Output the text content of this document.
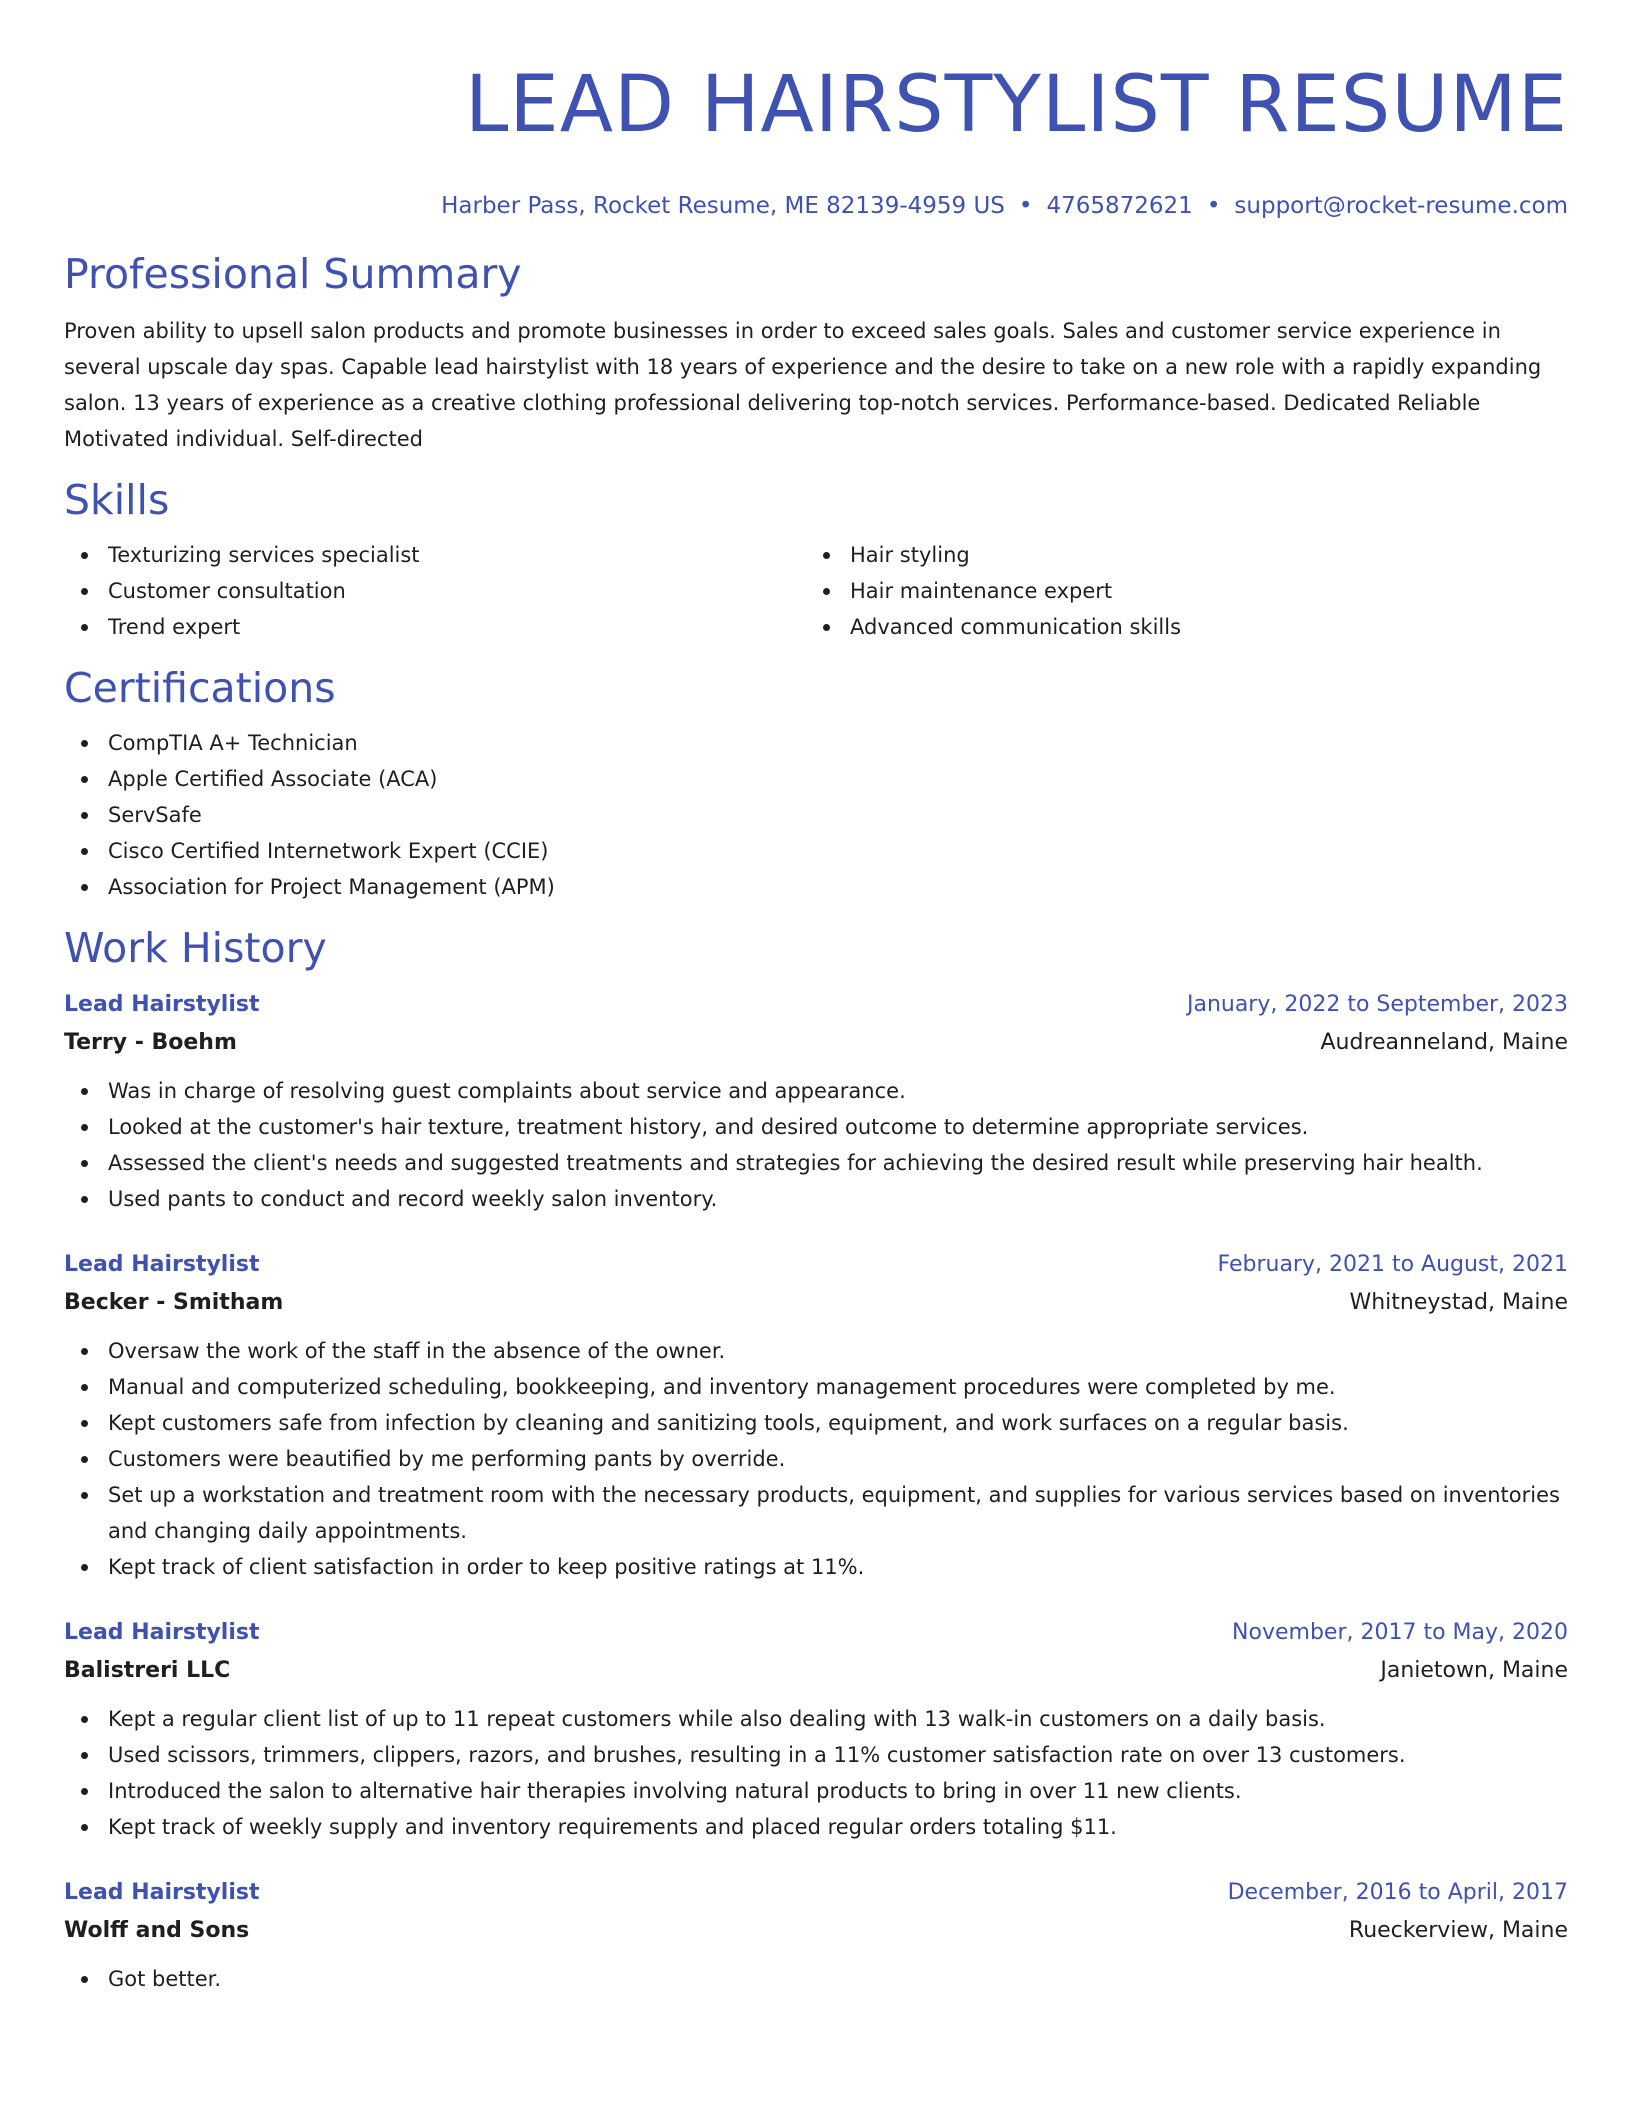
LEAD HAIRSTYLIST RESUME
Harber Pass, Rocket Resume, ME 82139-4959 US • 4765872621 • support@rocket-resume.com
Professional Summary

Proven ability to upsell salon products and promote businesses in order to exceed sales goals. Sales and customer service experience in several upscale day spas. Capable lead hairstylist with 18 years of experience and the desire to take on a new role with a rapidly expanding salon. 13 years of experience as a creative clothing professional delivering top-notch services. Performance-based. Dedicated Reliable Motivated individual. Self-directed

Skills
Texturizing services specialist
Customer consultation
Trend expert
Hair styling
Hair maintenance expert
Advanced communication skills
Certifications
CompTIA A+ Technician
Apple Certified Associate (ACA)
ServSafe
Cisco Certified Internetwork Expert (CCIE)
Association for Project Management (APM)
Work History
Lead Hairstylist	January, 2022 to September, 2023
Terry - Boehm	Audreanneland, Maine
Was in charge of resolving guest complaints about service and appearance.
Looked at the customer's hair texture, treatment history, and desired outcome to determine appropriate services.
Assessed the client's needs and suggested treatments and strategies for achieving the desired result while preserving hair health.
Used pants to conduct and record weekly salon inventory.
Lead Hairstylist	February, 2021 to August, 2021
Becker - Smitham	Whitneystad, Maine
Oversaw the work of the staff in the absence of the owner.
Manual and computerized scheduling, bookkeeping, and inventory management procedures were completed by me.
Kept customers safe from infection by cleaning and sanitizing tools, equipment, and work surfaces on a regular basis.
Customers were beautified by me performing pants by override.
Set up a workstation and treatment room with the necessary products, equipment, and supplies for various services based on inventories and changing daily appointments.
Kept track of client satisfaction in order to keep positive ratings at 11%.
Lead Hairstylist	November, 2017 to May, 2020
Balistreri LLC	Janietown, Maine
Kept a regular client list of up to 11 repeat customers while also dealing with 13 walk-in customers on a daily basis.
Used scissors, trimmers, clippers, razors, and brushes, resulting in a 11% customer satisfaction rate on over 13 customers.
Introduced the salon to alternative hair therapies involving natural products to bring in over 11 new clients.
Kept track of weekly supply and inventory requirements and placed regular orders totaling $11.
Lead Hairstylist	December, 2016 to April, 2017
Wolff and Sons	Rueckerview, Maine
Got better.
